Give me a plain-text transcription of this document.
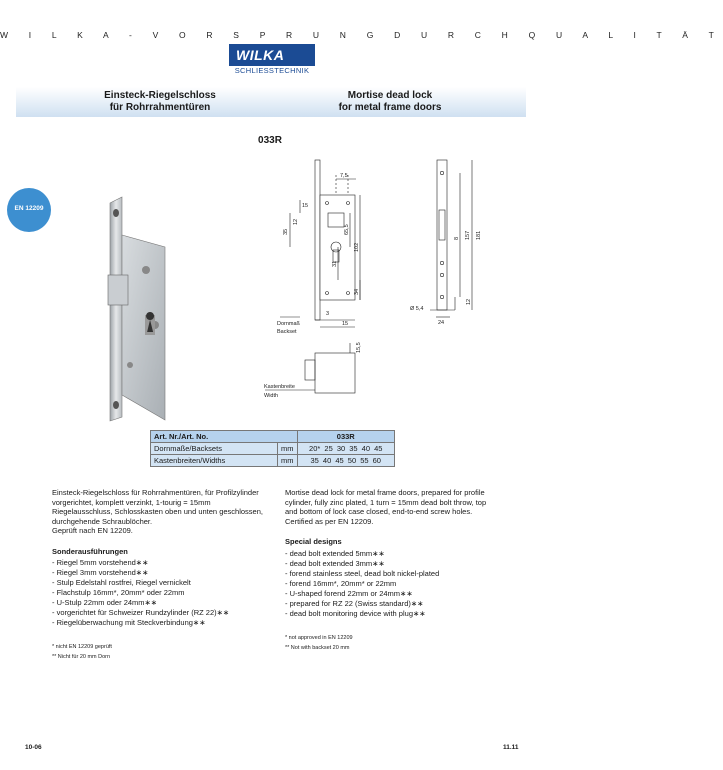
W I L K A - V O R S P R U N G D U R C H Q U A L I T Ä T
WILKA
SCHLIESSTECHNIK
Einsteck-Riegelschloss
für Rohrrahmentüren
Mortise dead lock
for metal frame doors
033R
EN 12209
7,5
15
12
35	65,5
102
31
34
3
15
15,5
8 157 181
12
Ø 5,4
24
Dornmaß
Backset
Kastenbreite
Width
Art. Nr./Art. No.		033R
Dornmaße/Backsets	mm	20* 25 30 35 40 45
Kastenbreiten/Widths	mm	35 40 45 50 55 60

Einsteck-Riegelschloss für Rohrrahmentüren, für Profilzylinder vorgerichtet, komplett verzinkt, 1-tourig = 15mm Riegelausschluss, Schlosskasten oben und unten geschlossen, durchgehende Schraublöcher.

Geprüft nach EN 12209.

Sonderausführungen
- Riegel 5mm vorstehend∗∗
- Riegel 3mm vorstehend∗∗
- Stulp Edelstahl rostfrei, Riegel vernickelt
- Flachstulp 16mm*, 20mm* oder 22mm
- U-Stulp 22mm oder 24mm∗∗
- vorgerichtet für Schweizer Rundzylinder (RZ 22)∗∗
- Riegelüberwachung mit Steckverbindung∗∗
* nicht EN 12209 geprüft
** Nicht für 20 mm Dorn

Mortise dead lock for metal frame doors, prepared for profile cylinder, fully zinc plated, 1 turn = 15mm dead bolt throw, top and bottom of lock case closed, end-to-end screw holes.

Certified as per EN 12209.

Special designs
- dead bolt extended 5mm∗∗
- dead bolt extended 3mm∗∗
- forend stainless steel, dead bolt nickel-plated
- forend 16mm*, 20mm* or 22mm
- U-shaped forend 22mm or 24mm∗∗
- prepared for RZ 22 (Swiss standard)∗∗
- dead bolt monitoring device with plug∗∗
* not approved in EN 12209
** Not with backset 20 mm
10-06	11.11
